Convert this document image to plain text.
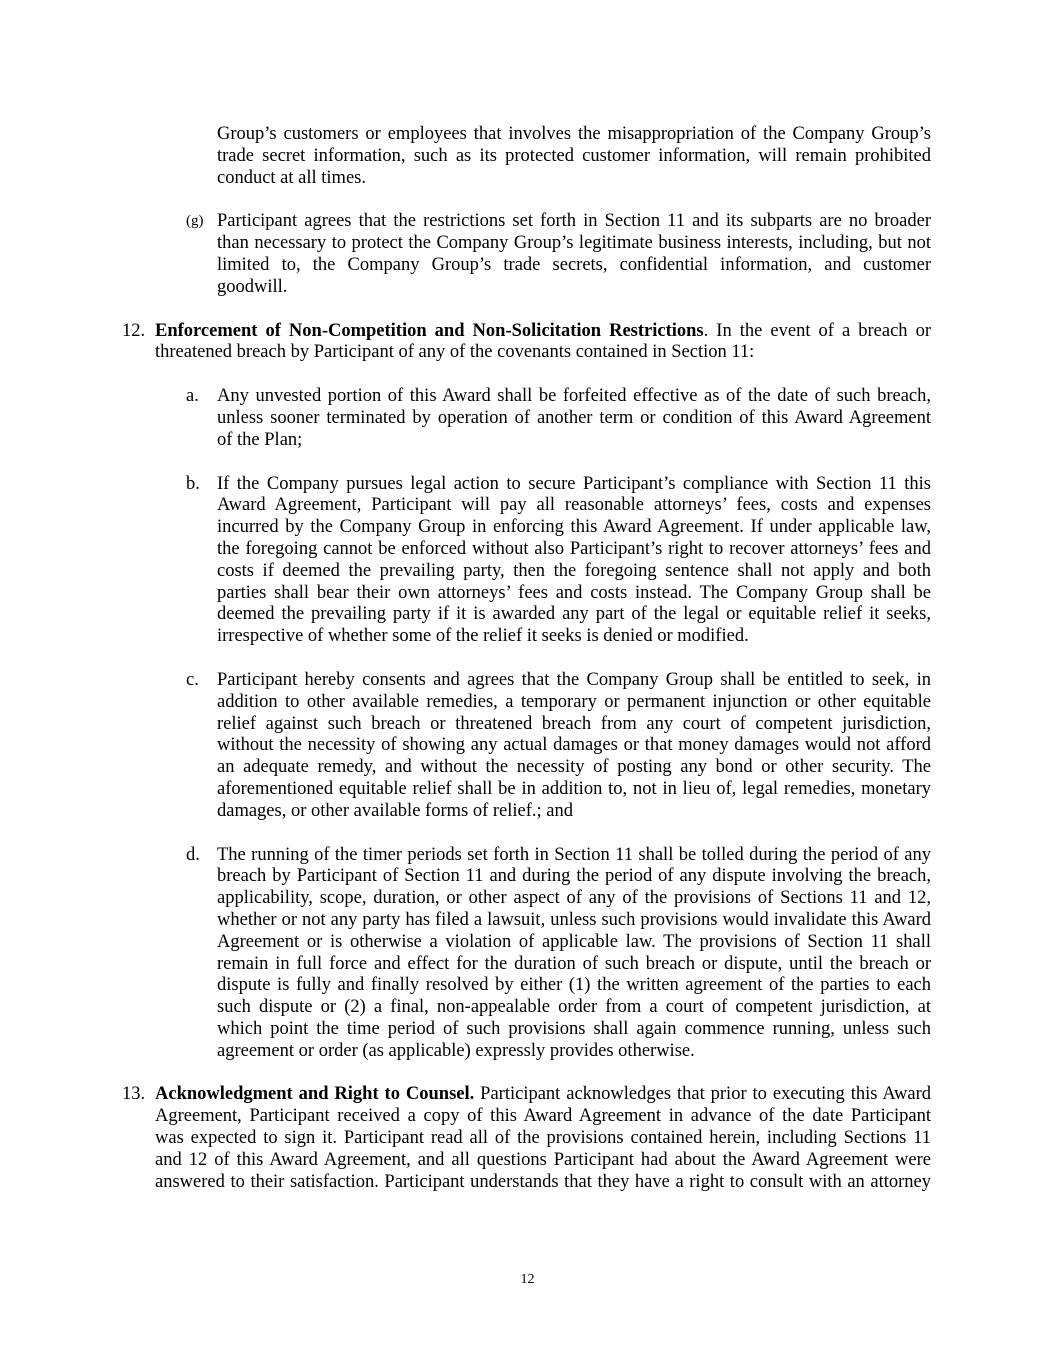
Group’s customers or employees that involves the misappropriation of the Company Group’s
trade secret information, such as its protected customer information, will remain prohibited
conduct at all times.
(g) Participant agrees that the restrictions set forth in Section 11 and its subparts are no broader
than necessary to protect the Company Group’s legitimate business interests, including, but not
limited to, the Company Group’s trade secrets, confidential information, and customer
goodwill.
12. Enforcement of Non-Competition and Non-Solicitation Restrictions. In the event of a breach or
threatened breach by Participant of any of the covenants contained in Section 11:
a. Any unvested portion of this Award shall be forfeited effective as of the date of such breach,
unless sooner terminated by operation of another term or condition of this Award Agreement
of the Plan;
b. If the Company pursues legal action to secure Participant’s compliance with Section 11 this
Award Agreement, Participant will pay all reasonable attorneys’ fees, costs and expenses
incurred by the Company Group in enforcing this Award Agreement. If under applicable law,
the foregoing cannot be enforced without also Participant’s right to recover attorneys’ fees and
costs if deemed the prevailing party, then the foregoing sentence shall not apply and both
parties shall bear their own attorneys’ fees and costs instead. The Company Group shall be
deemed the prevailing party if it is awarded any part of the legal or equitable relief it seeks,
irrespective of whether some of the relief it seeks is denied or modified.
c. Participant hereby consents and agrees that the Company Group shall be entitled to seek, in
addition to other available remedies, a temporary or permanent injunction or other equitable
relief against such breach or threatened breach from any court of competent jurisdiction,
without the necessity of showing any actual damages or that money damages would not afford
an adequate remedy, and without the necessity of posting any bond or other security. The
aforementioned equitable relief shall be in addition to, not in lieu of, legal remedies, monetary
damages, or other available forms of relief.; and
d. The running of the timer periods set forth in Section 11 shall be tolled during the period of any
breach by Participant of Section 11 and during the period of any dispute involving the breach,
applicability, scope, duration, or other aspect of any of the provisions of Sections 11 and 12,
whether or not any party has filed a lawsuit, unless such provisions would invalidate this Award
Agreement or is otherwise a violation of applicable law. The provisions of Section 11 shall
remain in full force and effect for the duration of such breach or dispute, until the breach or
dispute is fully and finally resolved by either (1) the written agreement of the parties to each
such dispute or (2) a final, non-appealable order from a court of competent jurisdiction, at
which point the time period of such provisions shall again commence running, unless such
agreement or order (as applicable) expressly provides otherwise.
13. Acknowledgment and Right to Counsel. Participant acknowledges that prior to executing this Award
Agreement, Participant received a copy of this Award Agreement in advance of the date Participant
was expected to sign it. Participant read all of the provisions contained herein, including Sections 11
and 12 of this Award Agreement, and all questions Participant had about the Award Agreement were
answered to their satisfaction. Participant understands that they have a right to consult with an attorney
12
